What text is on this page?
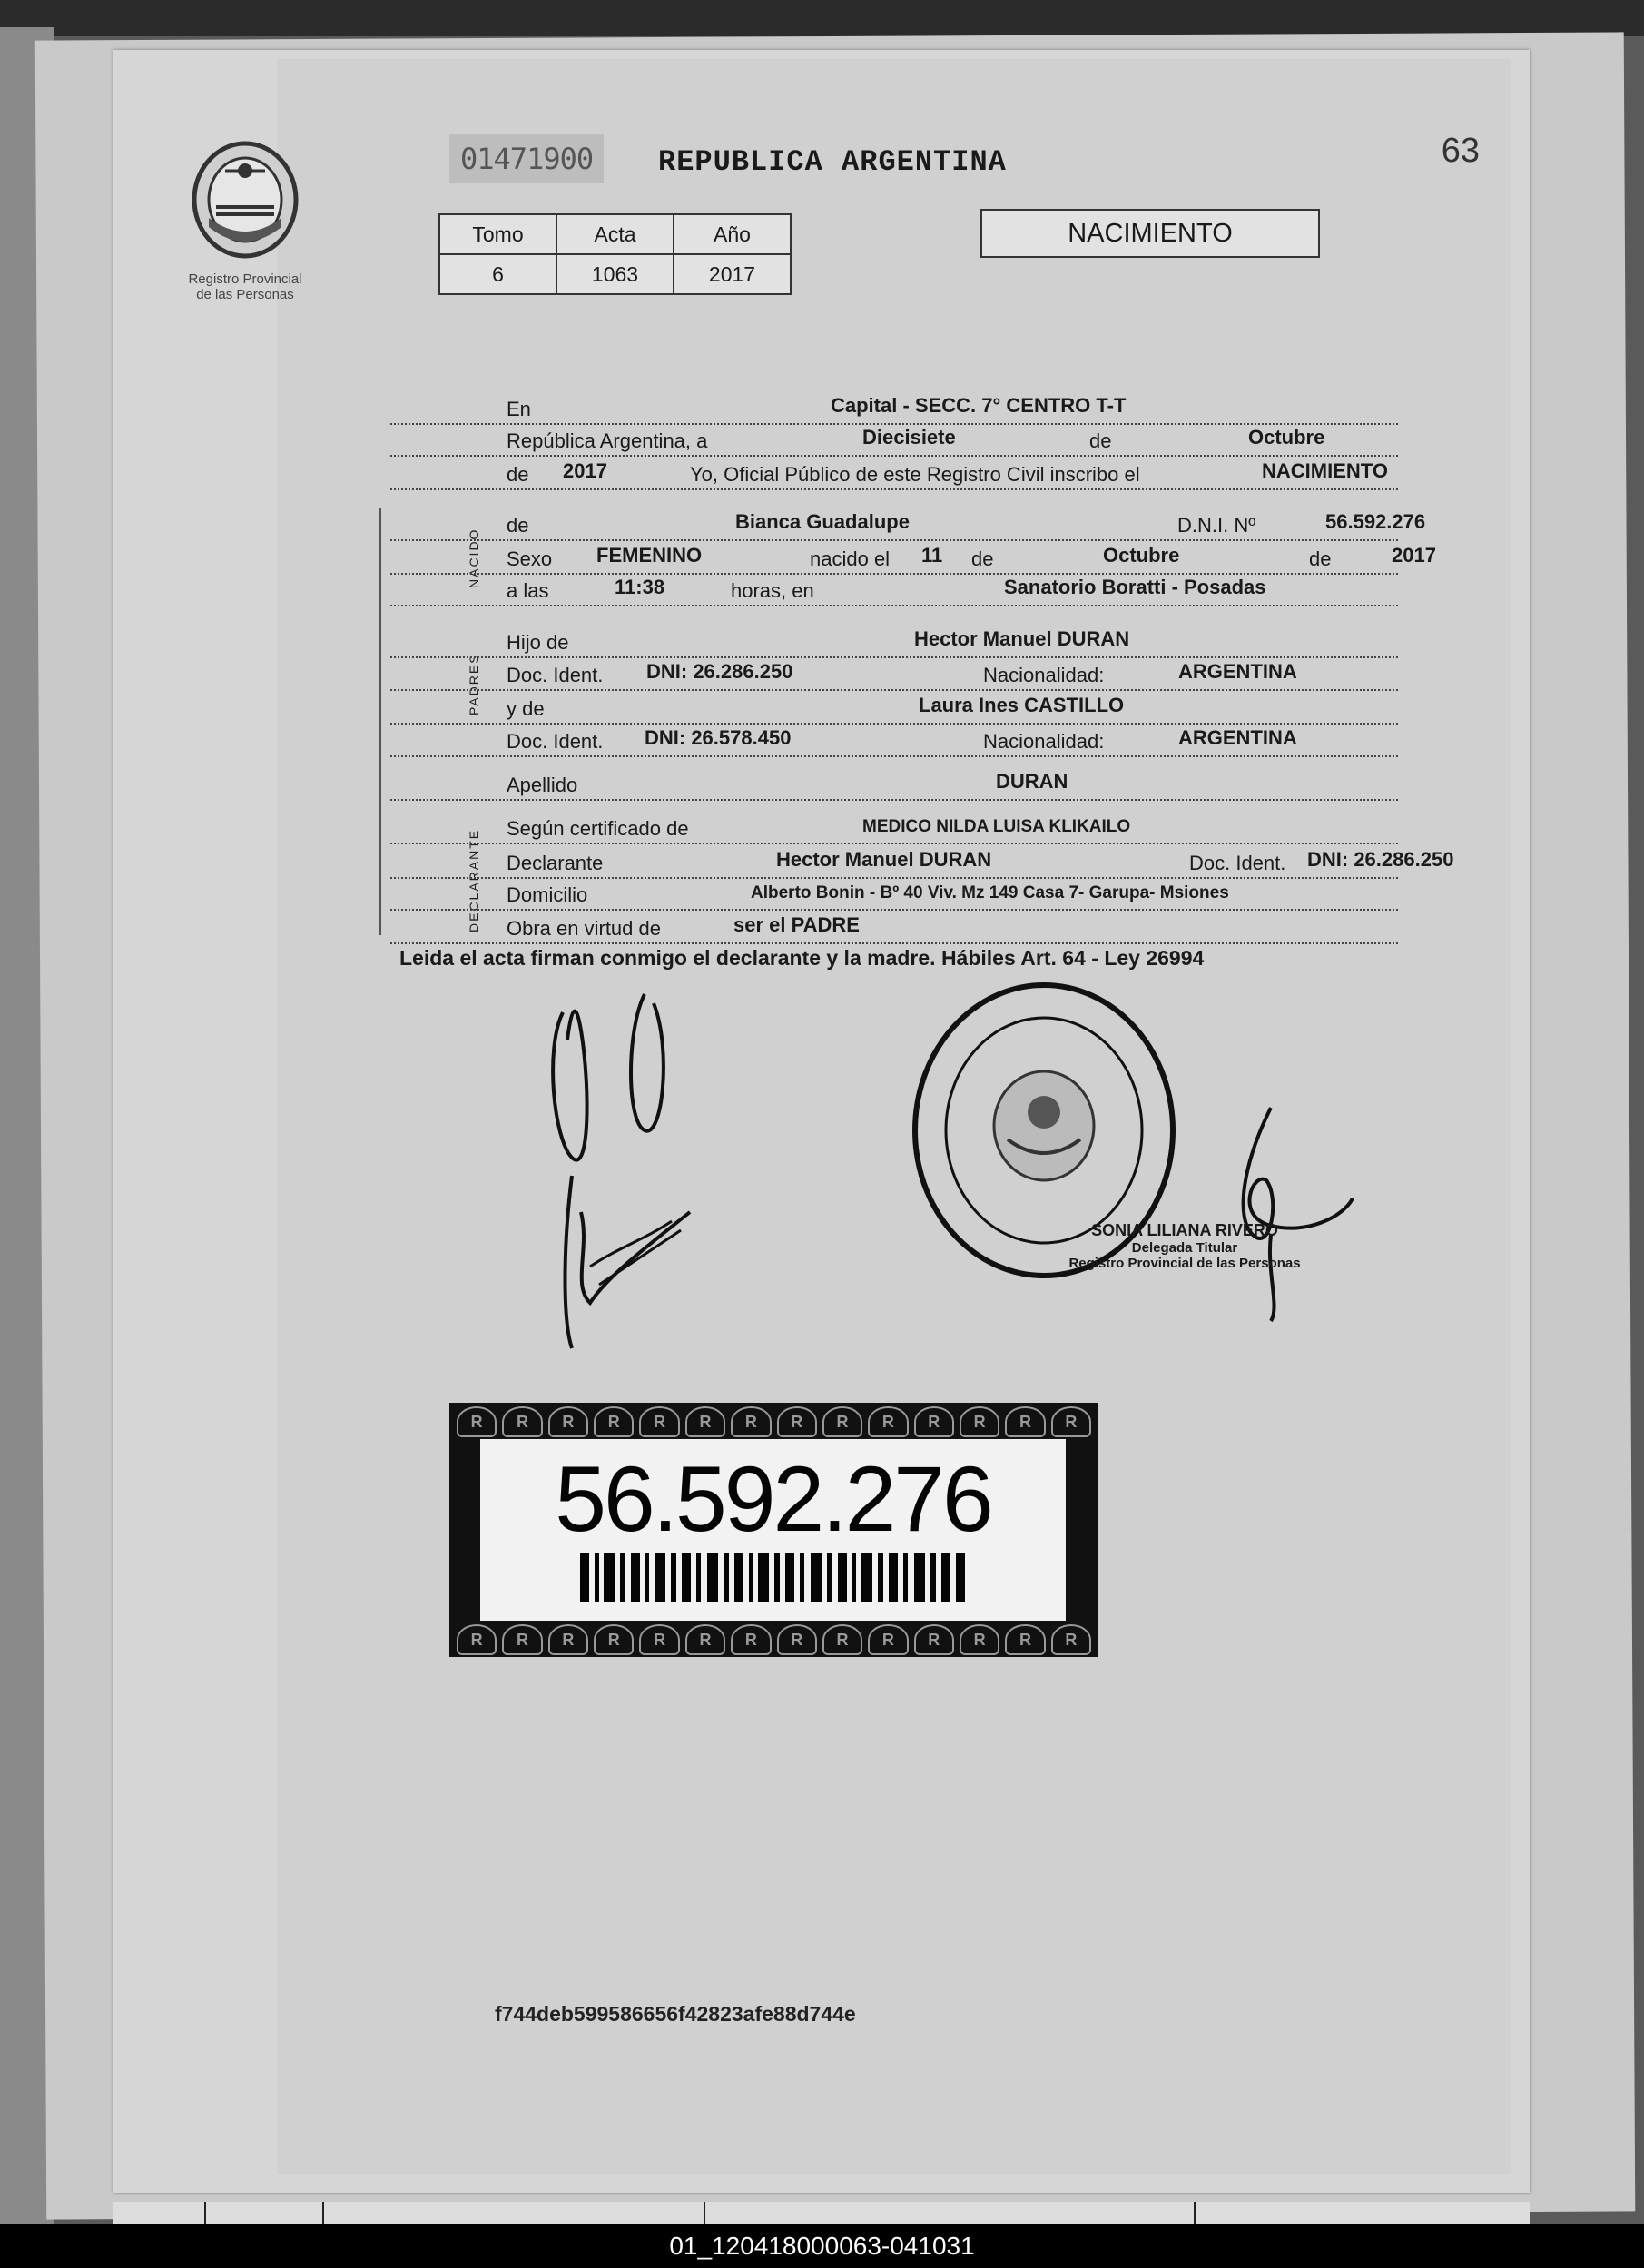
63
Registro Provincial
de las Personas
01471900	REPUBLICA ARGENTINA
Tomo	Acta	Año
6	1063	2017
NACIMIENTO
NACIDO
PADRES
DECLARANTE
En	Capital - SECC. 7° CENTRO T-T
República Argentina, a	Diecisiete	de	Octubre
de 2017	Yo, Oficial Público de este Registro Civil inscribo el	NACIMIENTO
de	Bianca Guadalupe	D.N.I. Nº	56.592.276
Sexo FEMENINO	nacido el 11 de	Octubre	de	2017
a las	11:38	horas, en	Sanatorio Boratti - Posadas
Hijo de	Hector Manuel DURAN
Doc. Ident. DNI: 26.286.250	Nacionalidad:	ARGENTINA
y de	Laura Ines CASTILLO
Doc. Ident. DNI: 26.578.450	Nacionalidad:	ARGENTINA
Apellido	DURAN
Según certificado de	MEDICO NILDA LUISA KLIKAILO
Declarante	Hector Manuel DURAN	Doc. Ident. DNI: 26.286.250
Domicilio	Alberto Bonin - Bº 40 Viv. Mz 149 Casa 7- Garupa- Msiones
Obra en virtud de	ser el PADRE
Leida el acta firman conmigo el declarante y la madre. Hábiles Art. 64 - Ley 26994
SONIA LILIANA RIVERO
Delegada Titular
Registro Provincial de las Personas
R	R	R	R	R	R	R	R	R	R	R	R	R	R
56.592.276
R	R	R	R	R	R	R	R	R	R	R	R	R	R
f744deb599586656f42823afe88d744e
01_120418000063-041031
